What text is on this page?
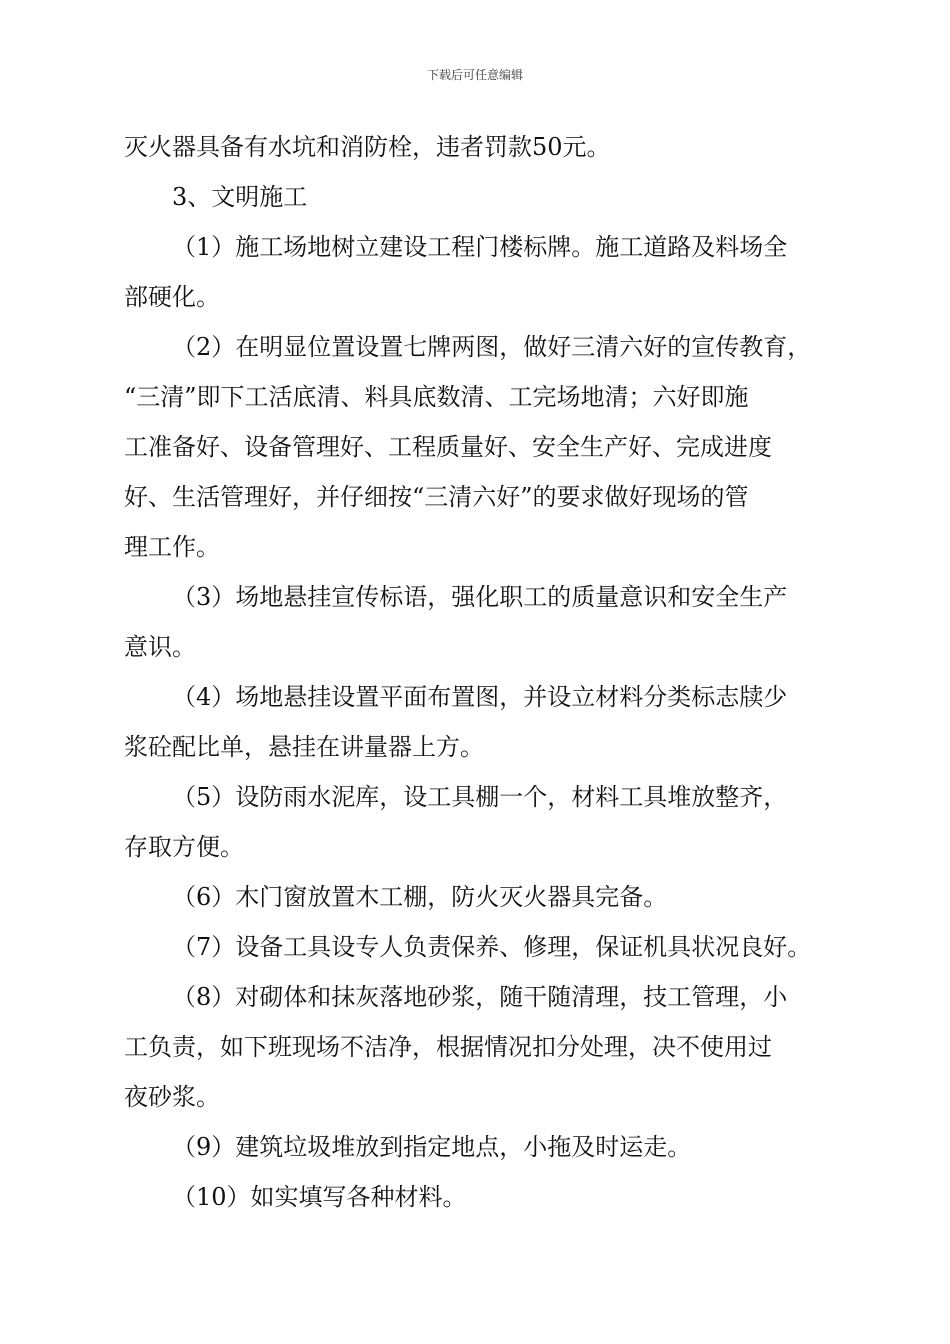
下载后可任意编辑
灭火器具备有水坑和消防栓，违者罚款50元。
3、文明施工
（1）施工场地树立建设工程门楼标牌。施工道路及料场全
部硬化。
（2）在明显位置设置七牌两图，做好三清六好的宣传教育，
“三清”即下工活底清、料具底数清、工完场地清；六好即施
工准备好、设备管理好、工程质量好、安全生产好、完成进度
好、生活管理好，并仔细按“三清六好”的要求做好现场的管
理工作。
（3）场地悬挂宣传标语，强化职工的质量意识和安全生产
意识。
（4）场地悬挂设置平面布置图，并设立材料分类标志牍少
浆砼配比单，悬挂在讲量器上方。
（5）设防雨水泥库，设工具棚一个，材料工具堆放整齐，
存取方便。
（6）木门窗放置木工棚，防火灭火器具完备。
（7）设备工具设专人负责保养、修理，保证机具状况良好。
（8）对砌体和抹灰落地砂浆，随干随清理，技工管理，小
工负责，如下班现场不洁净，根据情况扣分处理，决不使用过
夜砂浆。
（9）建筑垃圾堆放到指定地点，小拖及时运走。
（10）如实填写各种材料。
